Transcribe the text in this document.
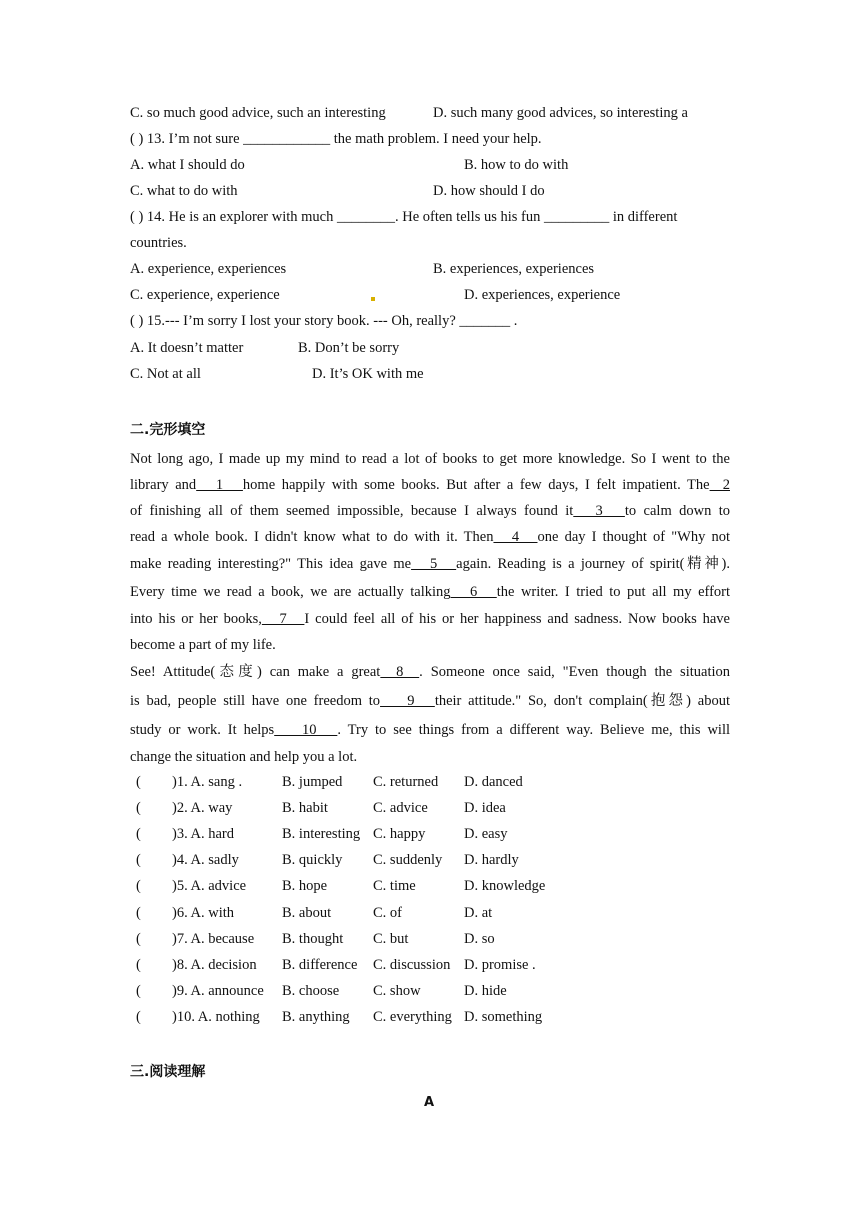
C. so much good advice, such an interesting	D. such many good advices, so interesting a
( ) 13. I’m not sure ____________ the math problem. I need your help.
A. what I should do	B. how to do with
C. what to do with	D. how should I do
( ) 14. He is an explorer with much ________. He often tells us his fun _________ in different
countries.
A. experience, experiences	B. experiences, experiences
C. experience, experience	D. experiences, experience
( ) 15.--- I’m sorry I lost your story book. --- Oh, really? _______ .
A. It doesn’t matter	B. Don’t be sorry
C. Not at all	D. It’s OK with me
二.完形填空
Not long ago, I made up my mind to read a lot of books to get more knowledge. So I went to the
library and   1   home happily with some books. But after a few days, I felt impatient. The  2
of finishing all of them seemed impossible, because I always found it   3   to calm down to
read a whole book. I didn't know what to do with it. Then   4   one day I thought of "Why not
make reading interesting?" This idea gave me   5   again. Reading is a journey of spirit(精神).
Every time we read a book, we are actually talking   6   the writer. I tried to put all my effort
into his or her books,   7   I could feel all of his or her happiness and sadness. Now books have
become a part of my life.
See! Attitude(态度) can make a great  8  . Someone once said, "Even though the situation
is bad, people still have one freedom to    9   their attitude." So, don't complain(抱怨) about
study or work. It helps    10   . Try to see things from a different way. Believe me, this will
change the situation and help you a lot.
( )1. A. sang .	B. jumped C. returned D. danced
( )2. A. way	B. habit	C. advice D. idea
( )3. A. hard	B. interesting C. happy	D. easy
( )4. A. sadly	B. quickly C. suddenly D. hardly
( )5. A. advice B. hope	C. time	D. knowledge
( )6. A. with	B. about	C. of	D. at
( )7. A. because B. thought C. but	D. so
( )8. A. decision B. difference C. discussion D. promise .
( )9. A. announce B. choose C. show	D. hide
( )10. A. nothing B. anything C. everything D. something
三.阅读理解
A
